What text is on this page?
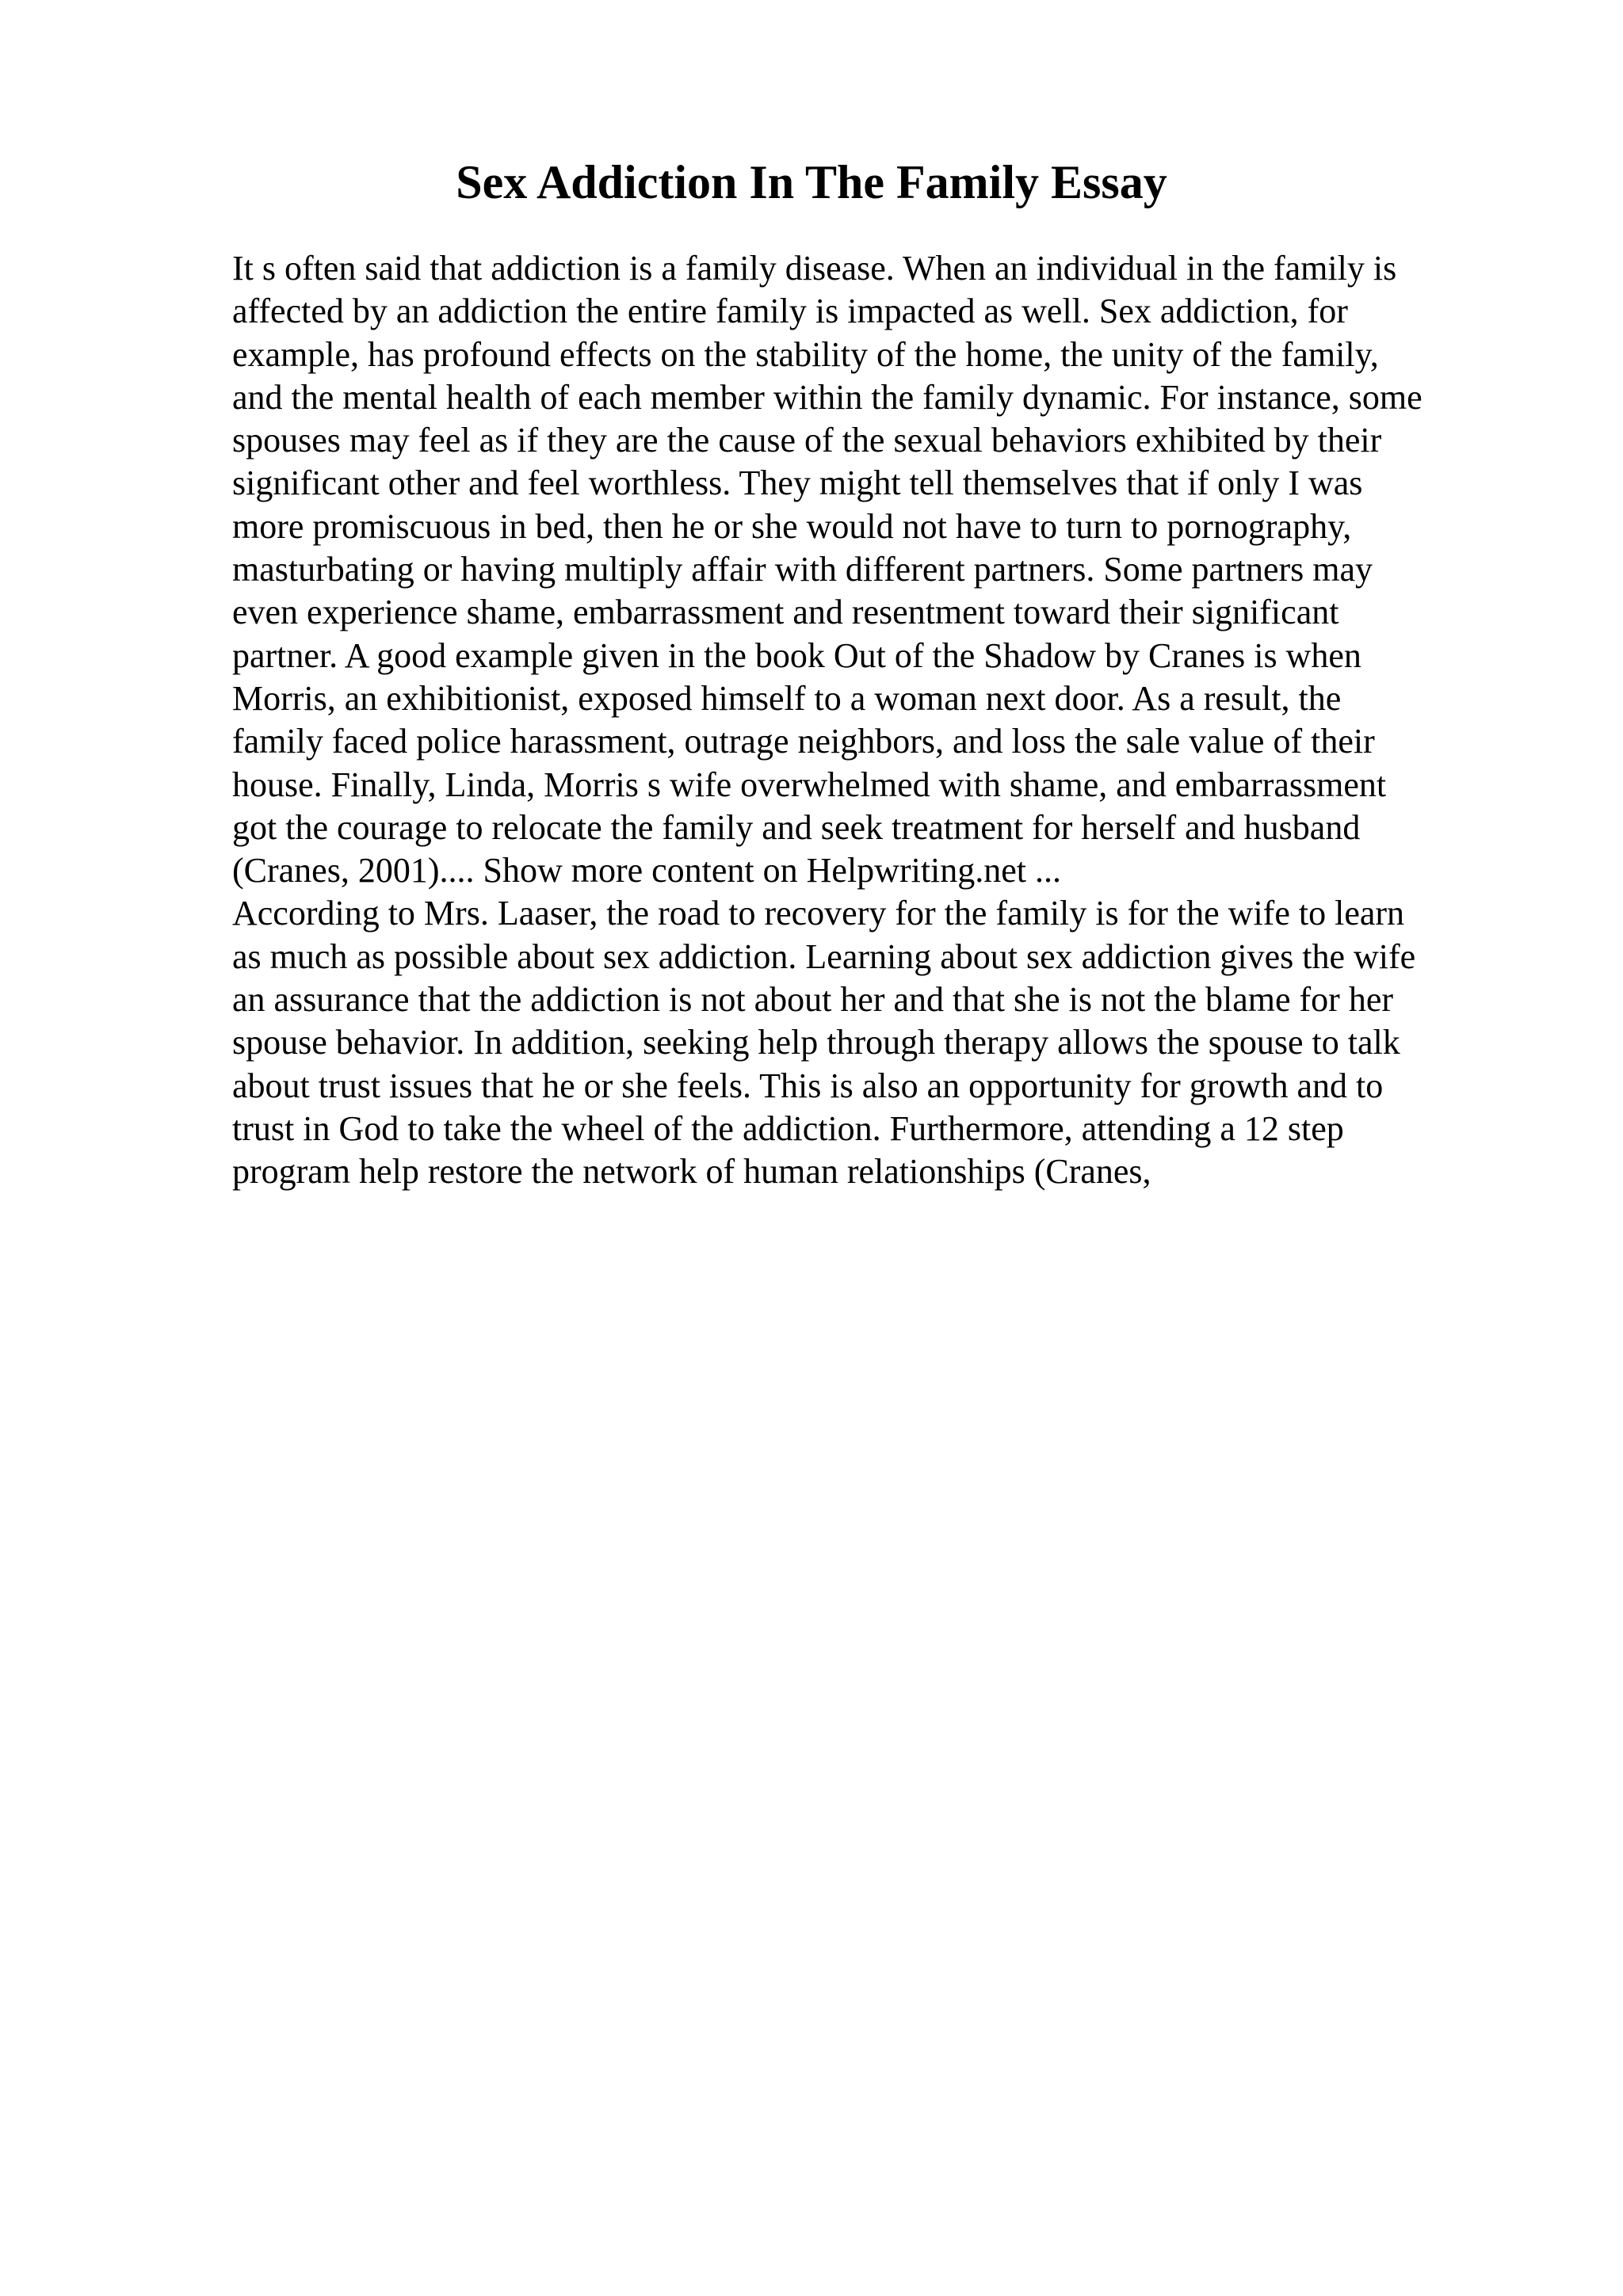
Sex Addiction In The Family Essay
It s often said that addiction is a family disease. When an individual in the family is
affected by an addiction the entire family is impacted as well. Sex addiction, for
example, has profound effects on the stability of the home, the unity of the family,
and the mental health of each member within the family dynamic. For instance, some
spouses may feel as if they are the cause of the sexual behaviors exhibited by their
significant other and feel worthless. They might tell themselves that if only I was
more promiscuous in bed, then he or she would not have to turn to pornography,
masturbating or having multiply affair with different partners. Some partners may
even experience shame, embarrassment and resentment toward their significant
partner. A good example given in the book Out of the Shadow by Cranes is when
Morris, an exhibitionist, exposed himself to a woman next door. As a result, the
family faced police harassment, outrage neighbors, and loss the sale value of their
house. Finally, Linda, Morris s wife overwhelmed with shame, and embarrassment
got the courage to relocate the family and seek treatment for herself and husband
(Cranes, 2001).... Show more content on Helpwriting.net ...
According to Mrs. Laaser, the road to recovery for the family is for the wife to learn
as much as possible about sex addiction. Learning about sex addiction gives the wife
an assurance that the addiction is not about her and that she is not the blame for her
spouse behavior. In addition, seeking help through therapy allows the spouse to talk
about trust issues that he or she feels. This is also an opportunity for growth and to
trust in God to take the wheel of the addiction. Furthermore, attending a 12 step
program help restore the network of human relationships (Cranes,
